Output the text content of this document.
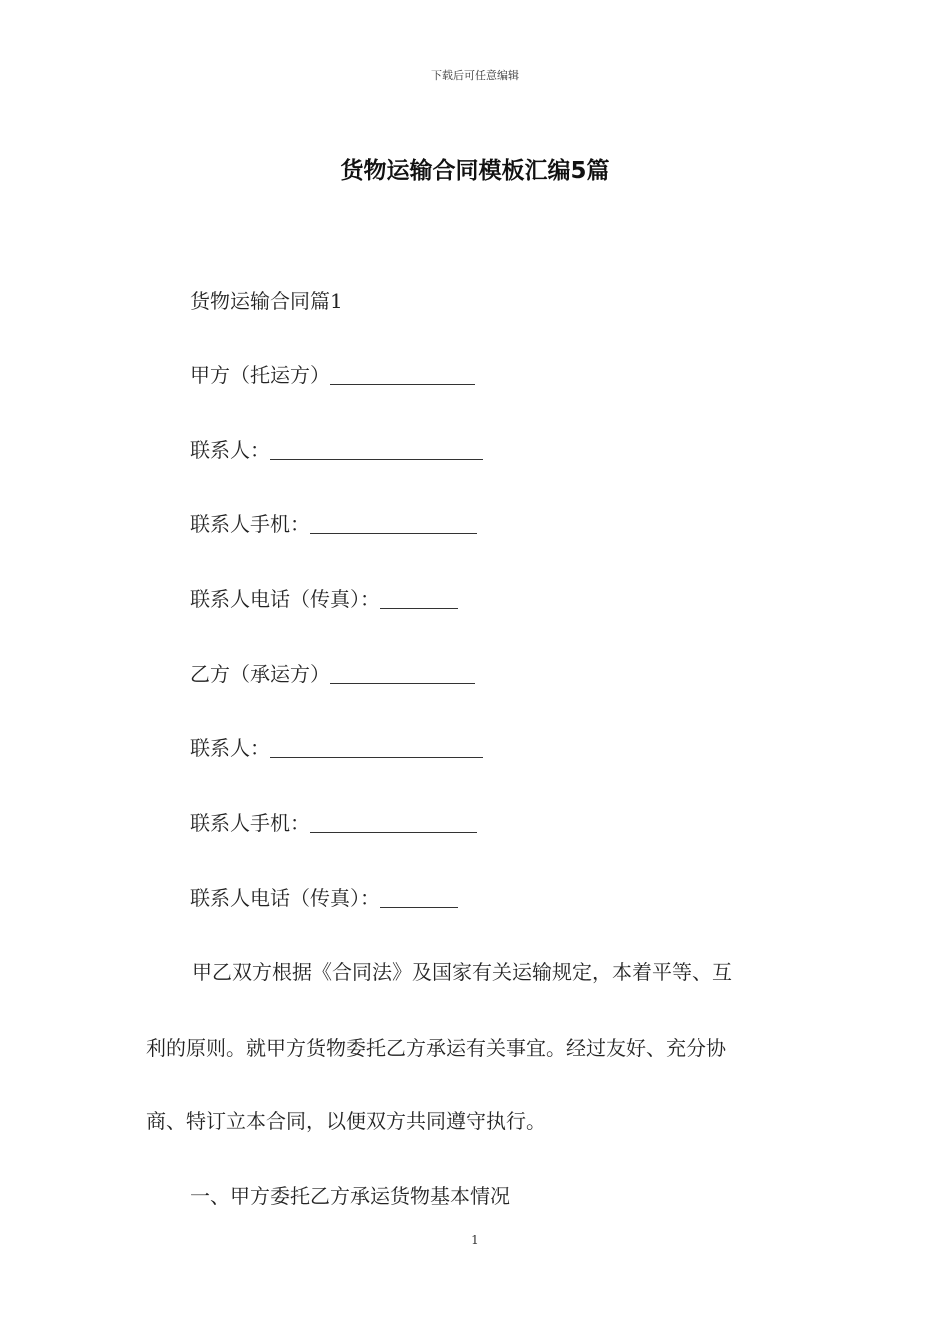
下载后可任意编辑
货物运输合同模板汇编5篇
货物运输合同篇1
甲方（托运方）
联系人：
联系人手机：
联系人电话（传真）：
乙方（承运方）
联系人：
联系人手机：
联系人电话（传真）：
甲乙双方根据《合同法》及国家有关运输规定，本着平等、互
利的原则。就甲方货物委托乙方承运有关事宜。经过友好、充分协
商、特订立本合同，以便双方共同遵守执行。
一、甲方委托乙方承运货物基本情况
1
